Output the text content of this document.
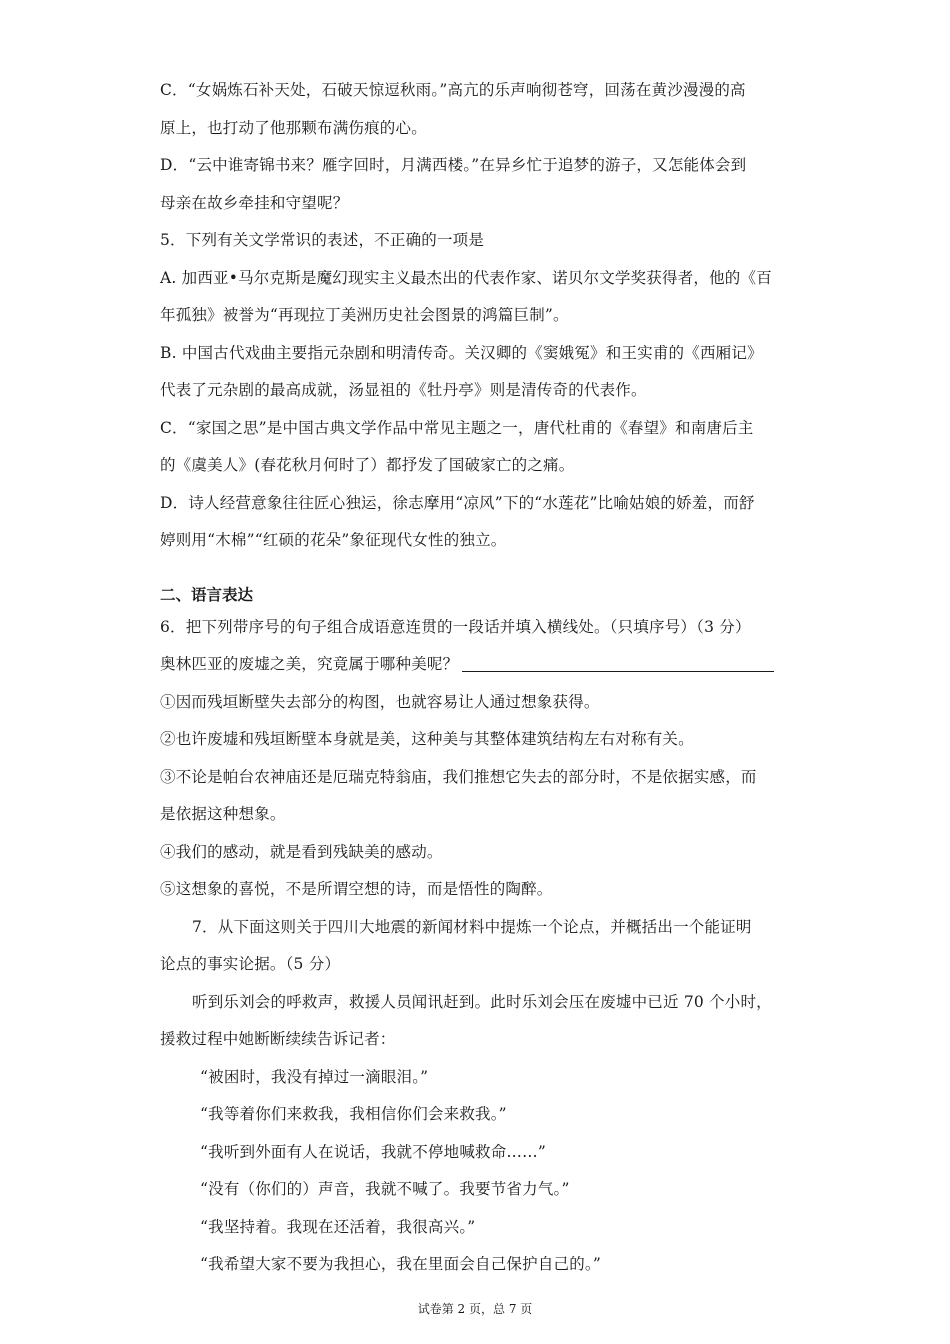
C．“女娲炼石补天处，石破天惊逗秋雨。”高亢的乐声响彻苍穹，回荡在黄沙漫漫的高
原上，也打动了他那颗布满伤痕的心。
D．“云中谁寄锦书来？雁字回时，月满西楼。”在异乡忙于追梦的游子，又怎能体会到
母亲在故乡牵挂和守望呢？
5．下列有关文学常识的表述，不正确的一项是
A. 加西亚•马尔克斯是魔幻现实主义最杰出的代表作家、诺贝尔文学奖获得者，他的《百
年孤独》被誉为“再现拉丁美洲历史社会图景的鸿篇巨制”。
B. 中国古代戏曲主要指元杂剧和明清传奇。关汉卿的《窦娥冤》和王实甫的《西厢记》
代表了元杂剧的最高成就，汤显祖的《牡丹亭》则是清传奇的代表作。
C．“家国之思”是中国古典文学作品中常见主题之一，唐代杜甫的《春望》和南唐后主
的《虞美人》(春花秋月何时了）都抒发了国破家亡的之痛。
D．诗人经营意象往往匠心独运，徐志摩用“凉风”下的“水莲花”比喻姑娘的娇羞，而舒
婷则用“木棉”“红硕的花朵”象征现代女性的独立。
二、语言表达
6．把下列带序号的句子组合成语意连贯的一段话并填入横线处。（只填序号）（3 分）
奥林匹亚的废墟之美，究竟属于哪种美呢？
①因而残垣断壁失去部分的构图，也就容易让人通过想象获得。
②也许废墟和残垣断壁本身就是美，这种美与其整体建筑结构左右对称有关。
③不论是帕台农神庙还是厄瑞克特翁庙，我们推想它失去的部分时，不是依据实感，而
是依据这种想象。
④我们的感动，就是看到残缺美的感动。
⑤这想象的喜悦，不是所谓空想的诗，而是悟性的陶醉。
7．从下面这则关于四川大地震的新闻材料中提炼一个论点，并概括出一个能证明
论点的事实论据。（5 分）
听到乐刘会的呼救声，救援人员闻讯赶到。此时乐刘会压在废墟中已近 70 个小时，
援救过程中她断断续续告诉记者：
“被困时，我没有掉过一滴眼泪。”
“我等着你们来救我，我相信你们会来救我。”
“我听到外面有人在说话，我就不停地喊救命……”
“没有（你们的）声音，我就不喊了。我要节省力气。”
“我坚持着。我现在还活着，我很高兴。”
“我希望大家不要为我担心，我在里面会自己保护自己的。”
试卷第 2 页，总 7 页
